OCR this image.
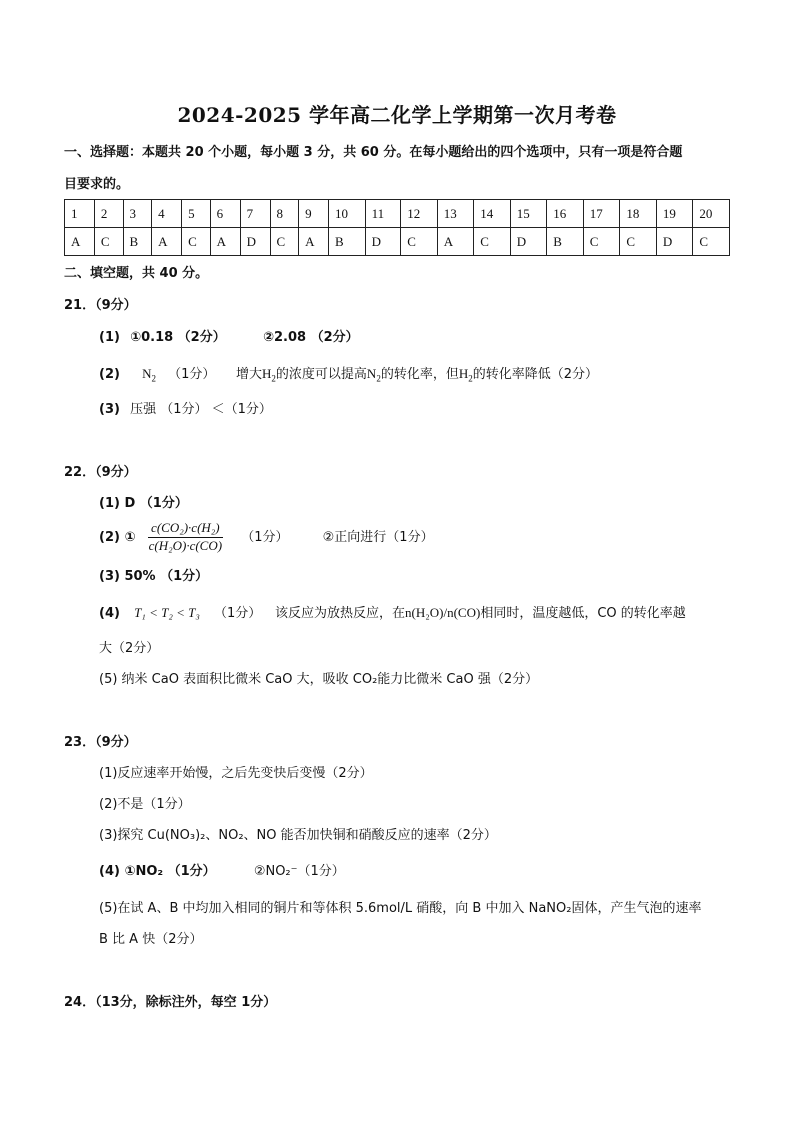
2024-2025 学年高二化学上学期第一次月考卷
一、选择题：本题共 20 个小题，每小题 3 分，共 60 分。在每小题给出的四个选项中，只有一项是符合题
目要求的。
1	2	3	4	5	6	7	8	9	10	11	12	13	14	15	16	17	18	19	20
A	C	B	A	C	A	D	C	A	B	D	C	A	C	D	B	C	C	D	C
二、填空题，共 40 分。
21．（9分）
(1) ①0.18 （2分）	②2.08 （2分）
(2) $N_2$ （1分） 增大$H_2$的浓度可以提高$N_2$的转化率，但$H_2$的转化率降低（2分）
(3) 压强 （1分） ＜（1分）
22．（9分）
(1) D （1分）
(2) ① $\frac{\text{c(CO₂)·c(H₂)}}{\text{c(H₂O)·c(CO)}} (1$分）	②正向进行（1分）
(3) 50% （1分）
(4) T₁ < T₂ < T₃ （1分） 该反应为放热反应，在n(H₂O)/n(CO)相同时，温度越低，CO 的转化率越
大（2分）
(5) 纳米 CaO 表面积比微米 CaO 大，吸收 CO₂能力比微米 CaO 强（2分）
23．（9分）
(1)反应速率开始慢，之后先变快后变慢（2分）
(2)不是（1分）
(3)探究 Cu(NO₃)₂、NO₂、NO 能否加快铜和硝酸反应的速率（2分）
(4) ①NO₂ （1分）	②NO₂⁻（1分）
(5)在试 A、B 中均加入相同的铜片和等体积 5.6mol/L 硝酸，向 B 中加入 NaNO₂固体，产生气泡的速率
B 比 A 快（2分）
24．（13分，除标注外，每空 1分）
